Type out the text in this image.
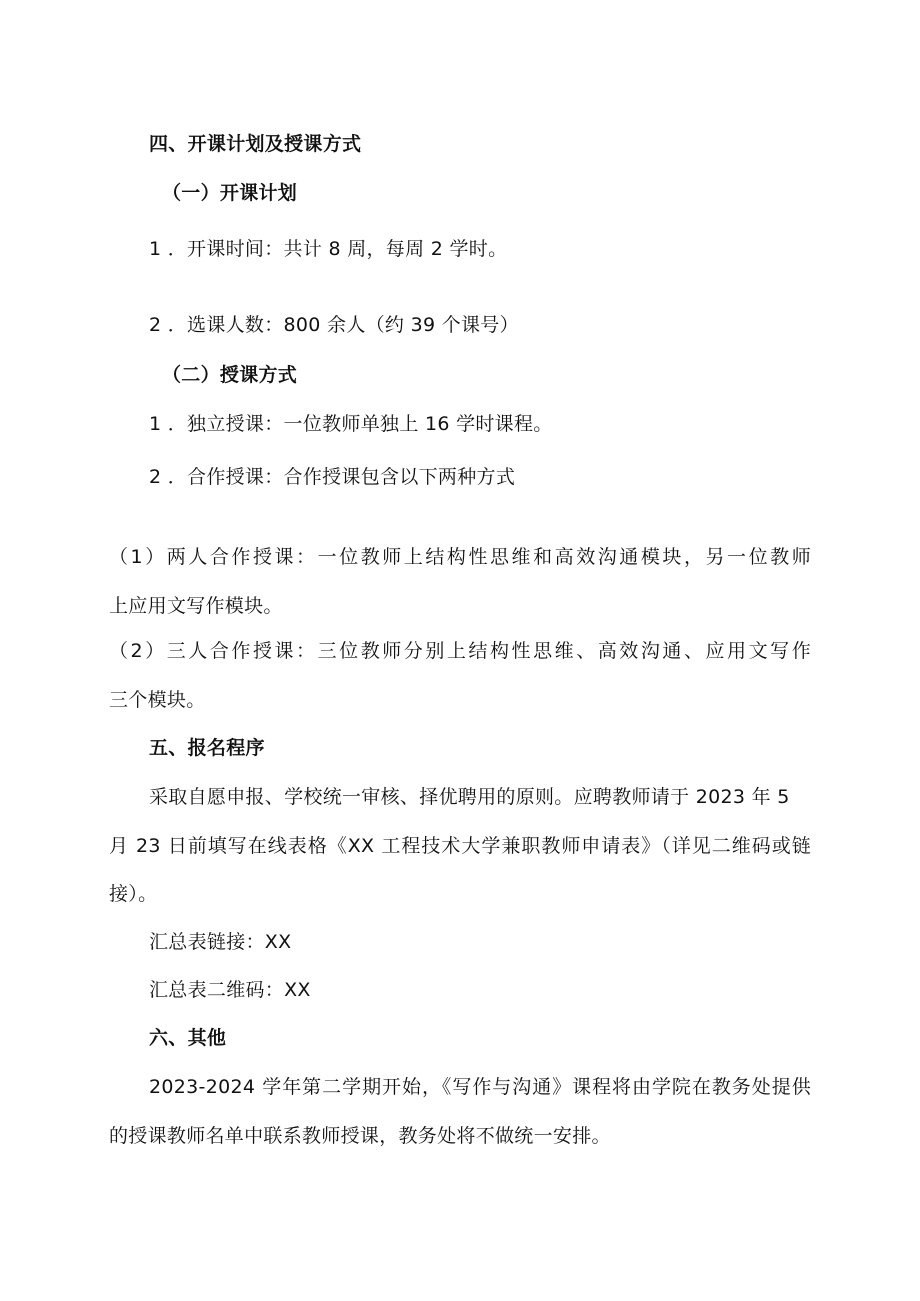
四、开课计划及授课方式
（一）开课计划
1 ．开课时间：共计 8 周，每周 2 学时。
2 ．选课人数：800 余人（约 39 个课号）
（二）授课方式
1 ．独立授课：一位教师单独上 16 学时课程。
2 ．合作授课：合作授课包含以下两种方式
（1）两人合作授课：一位教师上结构性思维和高效沟通模块，另一位教师
上应用文写作模块。
（2）三人合作授课：三位教师分别上结构性思维、高效沟通、应用文写作
三个模块。
五、报名程序
采取自愿申报、学校统一审核、择优聘用的原则。应聘教师请于 2023 年 5
月 23 日前填写在线表格《XX 工程技术大学兼职教师申请表》（详见二维码或链
接）。
汇总表链接：XX
汇总表二维码：XX
六、其他
2023-2024 学年第二学期开始，《写作与沟通》课程将由学院在教务处提供
的授课教师名单中联系教师授课，教务处将不做统一安排。
